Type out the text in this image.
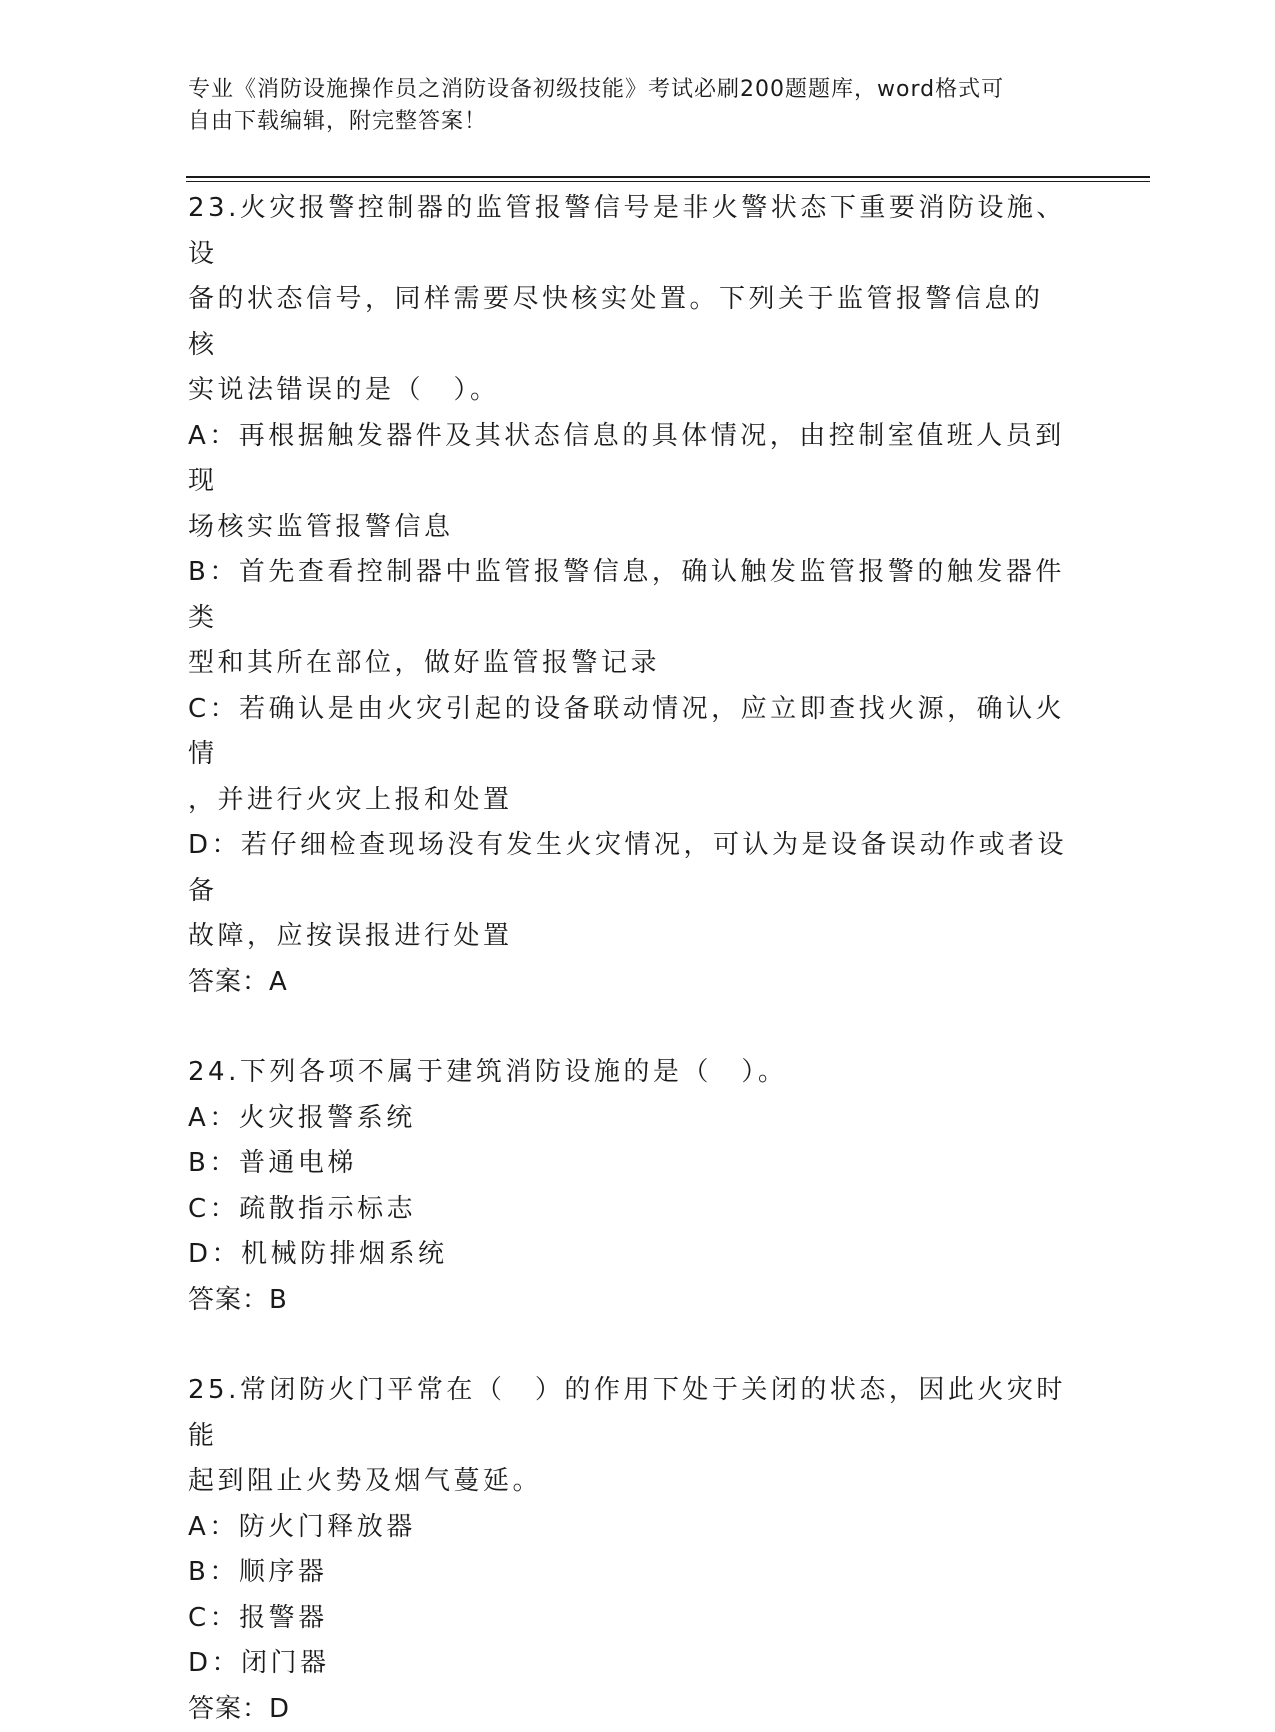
专业《消防设施操作员之消防设备初级技能》考试必刷200题题库，word格式可
自由下载编辑，附完整答案！
23.火灾报警控制器的监管报警信号是非火警状态下重要消防设施、设
备的状态信号，同样需要尽快核实处置。下列关于监管报警信息的核
实说法错误的是（　）。
A：再根据触发器件及其状态信息的具体情况，由控制室值班人员到现
场核实监管报警信息
B：首先查看控制器中监管报警信息，确认触发监管报警的触发器件类
型和其所在部位，做好监管报警记录
C：若确认是由火灾引起的设备联动情况，应立即查找火源，确认火情
，并进行火灾上报和处置
D：若仔细检查现场没有发生火灾情况，可认为是设备误动作或者设备
故障，应按误报进行处置
答案：A
24.下列各项不属于建筑消防设施的是（　）。
A：火灾报警系统
B：普通电梯
C：疏散指示标志
D：机械防排烟系统
答案：B
25.常闭防火门平常在（　）的作用下处于关闭的状态，因此火灾时能
起到阻止火势及烟气蔓延。
A：防火门释放器
B：顺序器
C：报警器
D：闭门器
答案：D
